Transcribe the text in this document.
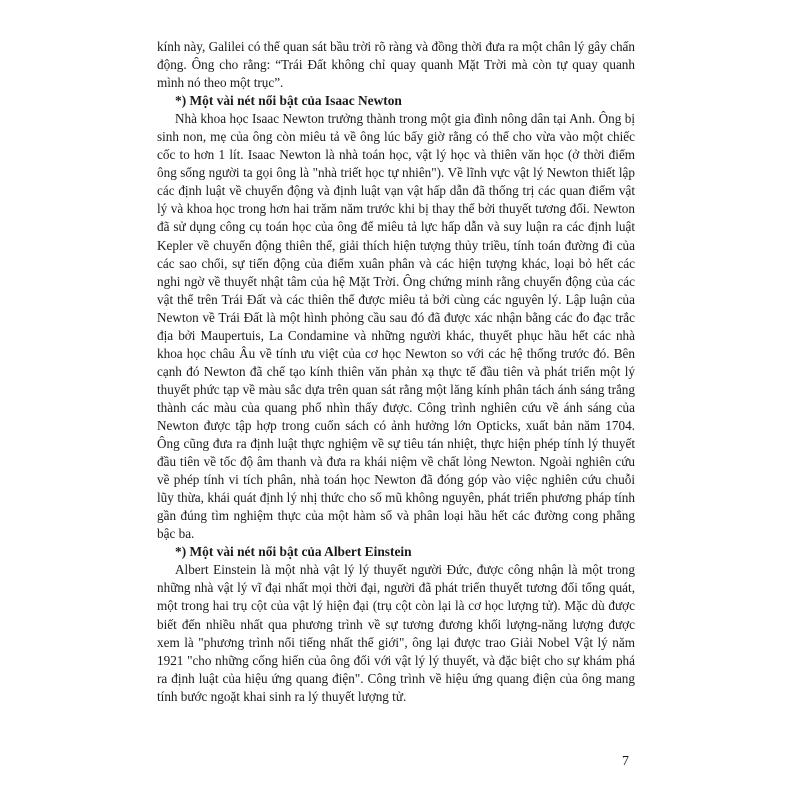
kính này, Galilei có thể quan sát bầu trời rõ ràng và đồng thời đưa ra một chân lý gây chấn động. Ông cho rằng: “Trái Đất không chỉ quay quanh Mặt Trời mà còn tự quay quanh mình nó theo một trục”.

*) Một vài nét nổi bật của Isaac Newton

Nhà khoa học Isaac Newton trưởng thành trong một gia đình nông dân tại Anh. Ông bị sinh non, mẹ của ông còn miêu tả về ông lúc bấy giờ rằng có thể cho vừa vào một chiếc cốc to hơn 1 lít. Isaac Newton là nhà toán học, vật lý học và thiên văn học (ở thời điểm ông sống người ta gọi ông là "nhà triết học tự nhiên"). Về lĩnh vực vật lý Newton thiết lập các định luật về chuyển động và định luật vạn vật hấp dẫn đã thống trị các quan điểm vật lý và khoa học trong hơn hai trăm năm trước khi bị thay thế bởi thuyết tương đối. Newton đã sử dụng công cụ toán học của ông để miêu tả lực hấp dẫn và suy luận ra các định luật Kepler về chuyển động thiên thể, giải thích hiện tượng thủy triều, tính toán đường đi của các sao chổi, sự tiến động của điểm xuân phân và các hiện tượng khác, loại bỏ hết các nghi ngờ về thuyết nhật tâm của hệ Mặt Trời. Ông chứng minh rằng chuyển động của các vật thể trên Trái Đất và các thiên thể được miêu tả bởi cùng các nguyên lý. Lập luận của Newton về Trái Đất là một hình phỏng cầu sau đó đã được xác nhận bằng các đo đạc trắc địa bởi Maupertuis, La Condamine và những người khác, thuyết phục hầu hết các nhà khoa học châu Âu về tính ưu việt của cơ học Newton so với các hệ thống trước đó. Bên cạnh đó Newton đã chế tạo kính thiên văn phản xạ thực tế đầu tiên và phát triển một lý thuyết phức tạp về màu sắc dựa trên quan sát rằng một lăng kính phân tách ánh sáng trắng thành các màu của quang phổ nhìn thấy được. Công trình nghiên cứu về ánh sáng của Newton được tập hợp trong cuốn sách có ảnh hưởng lớn Opticks, xuất bản năm 1704. Ông cũng đưa ra định luật thực nghiệm về sự tiêu tán nhiệt, thực hiện phép tính lý thuyết đầu tiên về tốc độ âm thanh và đưa ra khái niệm về chất lỏng Newton. Ngoài nghiên cứu về phép tính vi tích phân, nhà toán học Newton đã đóng góp vào việc nghiên cứu chuỗi lũy thừa, khái quát định lý nhị thức cho số mũ không nguyên, phát triển phương pháp tính gần đúng tìm nghiệm thực của một hàm số và phân loại hầu hết các đường cong phẳng bậc ba.

*) Một vài nét nổi bật của Albert Einstein

Albert Einstein là một nhà vật lý lý thuyết người Đức, được công nhận là một trong những nhà vật lý vĩ đại nhất mọi thời đại, người đã phát triển thuyết tương đối tổng quát, một trong hai trụ cột của vật lý hiện đại (trụ cột còn lại là cơ học lượng tử). Mặc dù được biết đến nhiều nhất qua phương trình về sự tương đương khối lượng-năng lượng được xem là "phương trình nổi tiếng nhất thế giới", ông lại được trao Giải Nobel Vật lý năm 1921 "cho những cống hiến của ông đối với vật lý lý thuyết, và đặc biệt cho sự khám phá ra định luật của hiệu ứng quang điện". Công trình về hiệu ứng quang điện của ông mang tính bước ngoặt khai sinh ra lý thuyết lượng tử.

7
